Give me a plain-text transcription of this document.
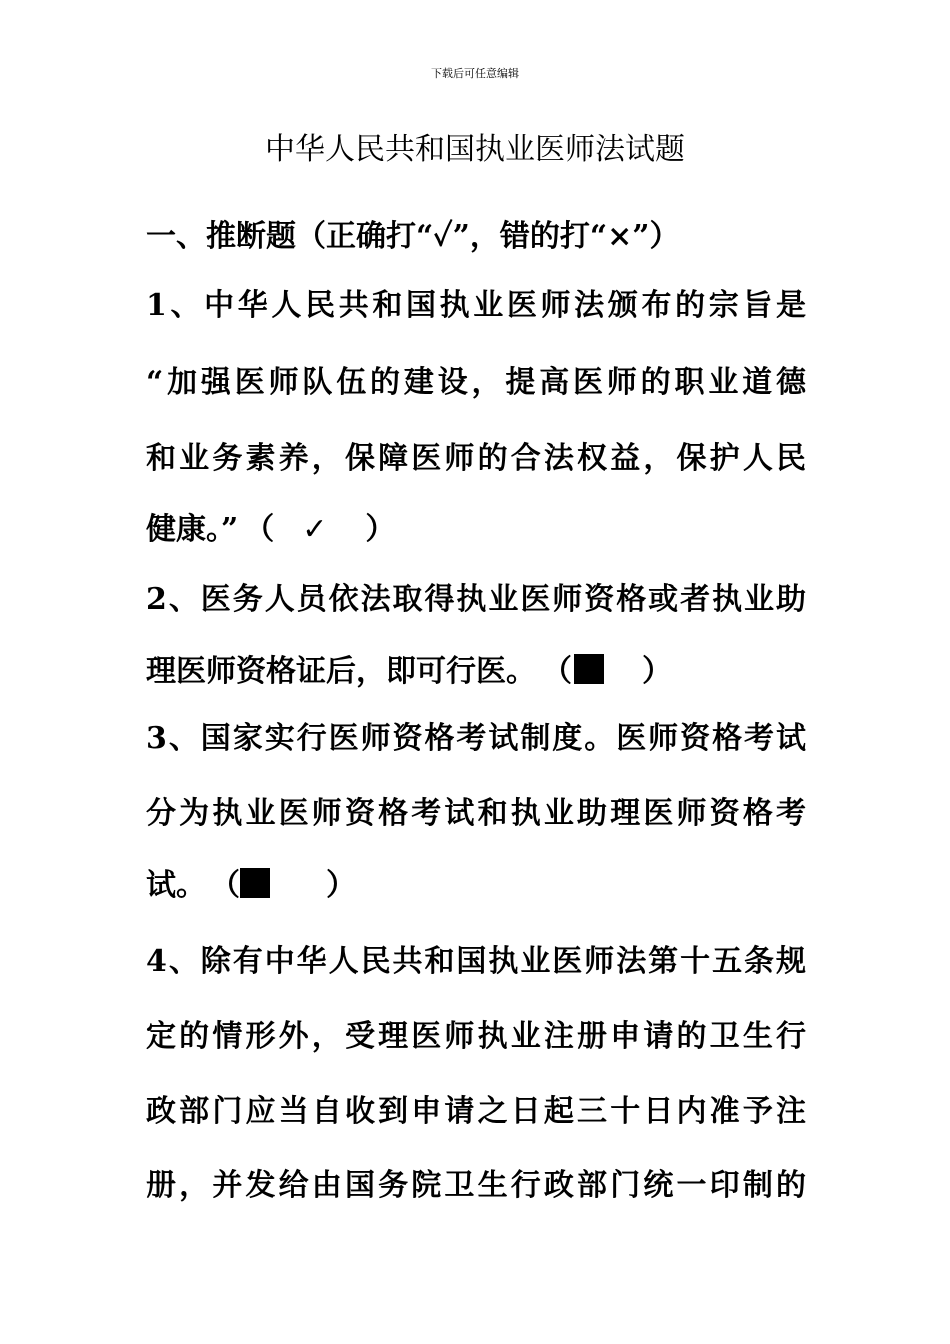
下载后可任意编辑
中华人民共和国执业医师法试题
一、推断题（正确打“✓”，错的打“×”）
1、中华人民共和国执业医师法颁布的宗旨是
“加强医师队伍的建设，提高医师的职业道德
和业务素养，保障医师的合法权益，保护人民
健康。” （ ✓ ）
2、医务人员依法取得执业医师资格或者执业助
理医师资格证后，即可行医。 （ ）
3、国家实行医师资格考试制度。医师资格考试
分为执业医师资格考试和执业助理医师资格考
试。 （	）
4、除有中华人民共和国执业医师法第十五条规
定的情形外，受理医师执业注册申请的卫生行
政部门应当自收到申请之日起三十日内准予注
册，并发给由国务院卫生行政部门统一印制的
